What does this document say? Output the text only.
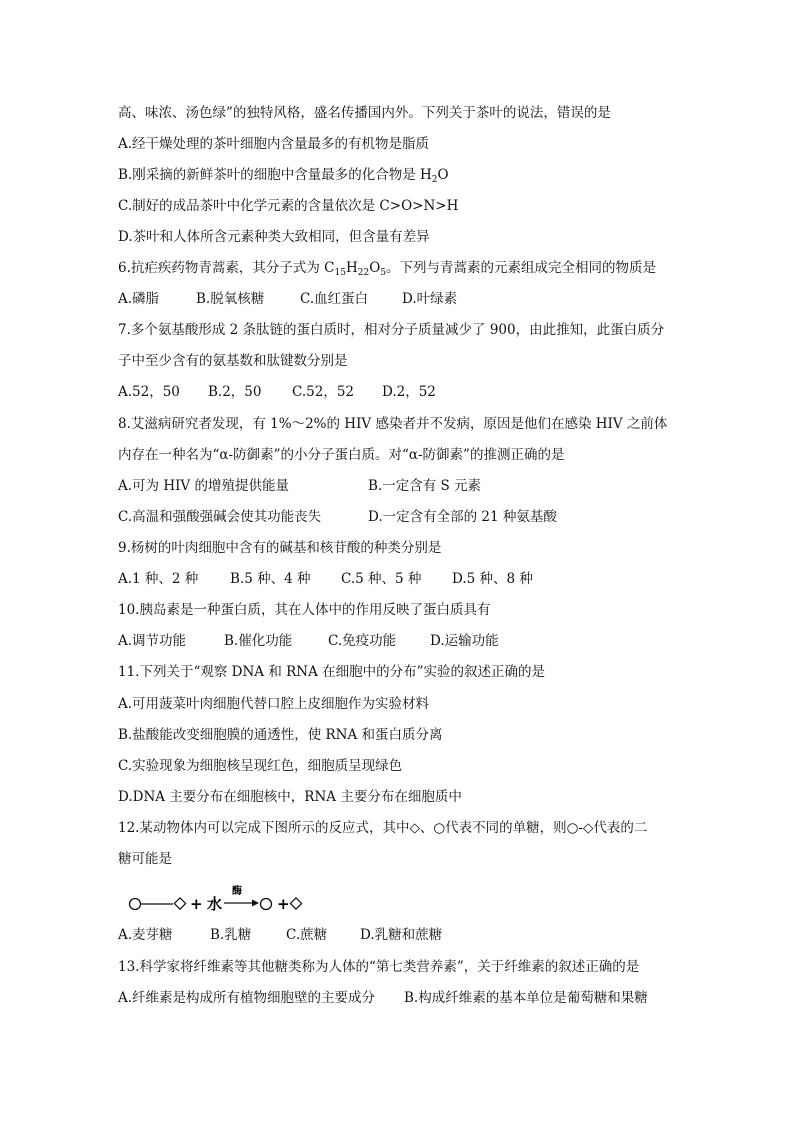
高、味浓、汤色绿”的独特风格，盛名传播国内外。下列关于茶叶的说法，错误的是
A.经干燥处理的茶叶细胞内含量最多的有机物是脂质
B.刚采摘的新鲜茶叶的细胞中含量最多的化合物是 $H_2O$
C.制好的成品茶叶中化学元素的含量依次是 C>O>N>H
D.茶叶和人体所含元素种类大致相同，但含量有差异
6.抗疟疾药物青蒿素，其分子式为 $C_{15}H_{22}O_5$。下列与青蒿素的元素组成完全相同的物质是
A.磷脂	B.脱氧核糖	C.血红蛋白	D.叶绿素
7.多个氨基酸形成 2 条肽链的蛋白质时，相对分子质量减少了 900，由此推知，此蛋白质分
子中至少含有的氨基数和肽键数分别是
A.52，50 B.2，50 C.52，52 D.2，52
8.艾滋病研究者发现，有 1%～2%的 HIV 感染者并不发病，原因是他们在感染 HIV 之前体
内存在一种名为“α-防御素”的小分子蛋白质。对“α-防御素”的推测正确的是
A.可为 HIV 的增殖提供能量	B.一定含有 S 元素
C.高温和强酸强碱会使其功能丧失	D.一定含有全部的 21 种氨基酸
9.杨树的叶肉细胞中含有的碱基和核苷酸的种类分别是
A.1 种、2 种 B.5 种、4 种 C.5 种、5 种 D.5 种、8 种
10.胰岛素是一种蛋白质，其在人体中的作用反映了蛋白质具有
A.调节功能	B.催化功能	C.免疫功能	D.运输功能
11.下列关于“观察 DNA 和 RNA 在细胞中的分布”实验的叙述正确的是
A.可用菠菜叶肉细胞代替口腔上皮细胞作为实验材料
B.盐酸能改变细胞膜的通透性，使 RNA 和蛋白质分离
C.实验现象为细胞核呈现红色，细胞质呈现绿色
D.DNA 主要分布在细胞核中，RNA 主要分布在细胞质中
12.某动物体内可以完成下图所示的反应式，其中◇、○代表不同的单糖，则○-◇代表的二
糖可能是
+ 水
酶
+
A.麦芽糖	B.乳糖	C.蔗糖 D.乳糖和蔗糖
13.科学家将纤维素等其他糖类称为人体的“第七类营养素”，关于纤维素的叙述正确的是
A.纤维素是构成所有植物细胞壁的主要成分 B.构成纤维素的基本单位是葡萄糖和果糖
